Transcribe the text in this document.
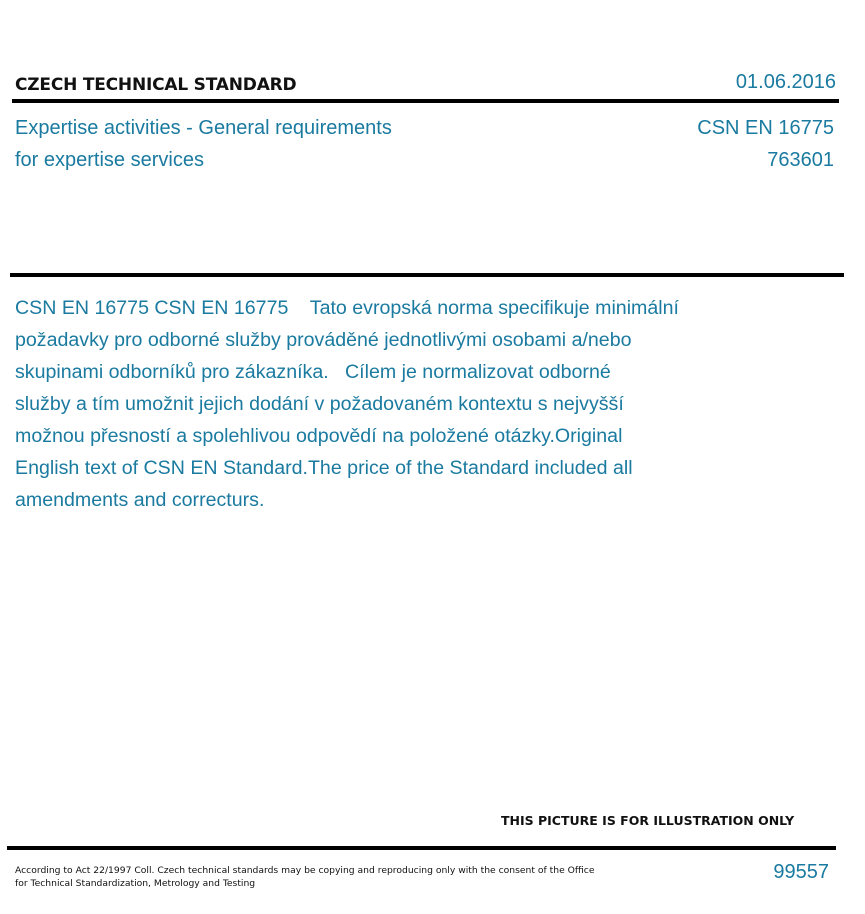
CZECH TECHNICAL STANDARD	01.06.2016
Expertise activities - General requirements
for expertise services
CSN EN 16775
763601
CSN EN 16775 CSN EN 16775    Tato evropská norma specifikuje minimální
požadavky pro odborné služby prováděné jednotlivými osobami a/nebo
skupinami odborníků pro zákazníka.   Cílem je normalizovat odborné
služby a tím umožnit jejich dodání v požadovaném kontextu s nejvyšší
možnou přesností a spolehlivou odpovědí na položené otázky.Original
English text of CSN EN Standard.The price of the Standard included all
amendments and correcturs.
THIS PICTURE IS FOR ILLUSTRATION ONLY
According to Act 22/1997 Coll. Czech technical standards may be copying and reproducing only with the consent of the Office
for Technical Standardization, Metrology and Testing
99557
